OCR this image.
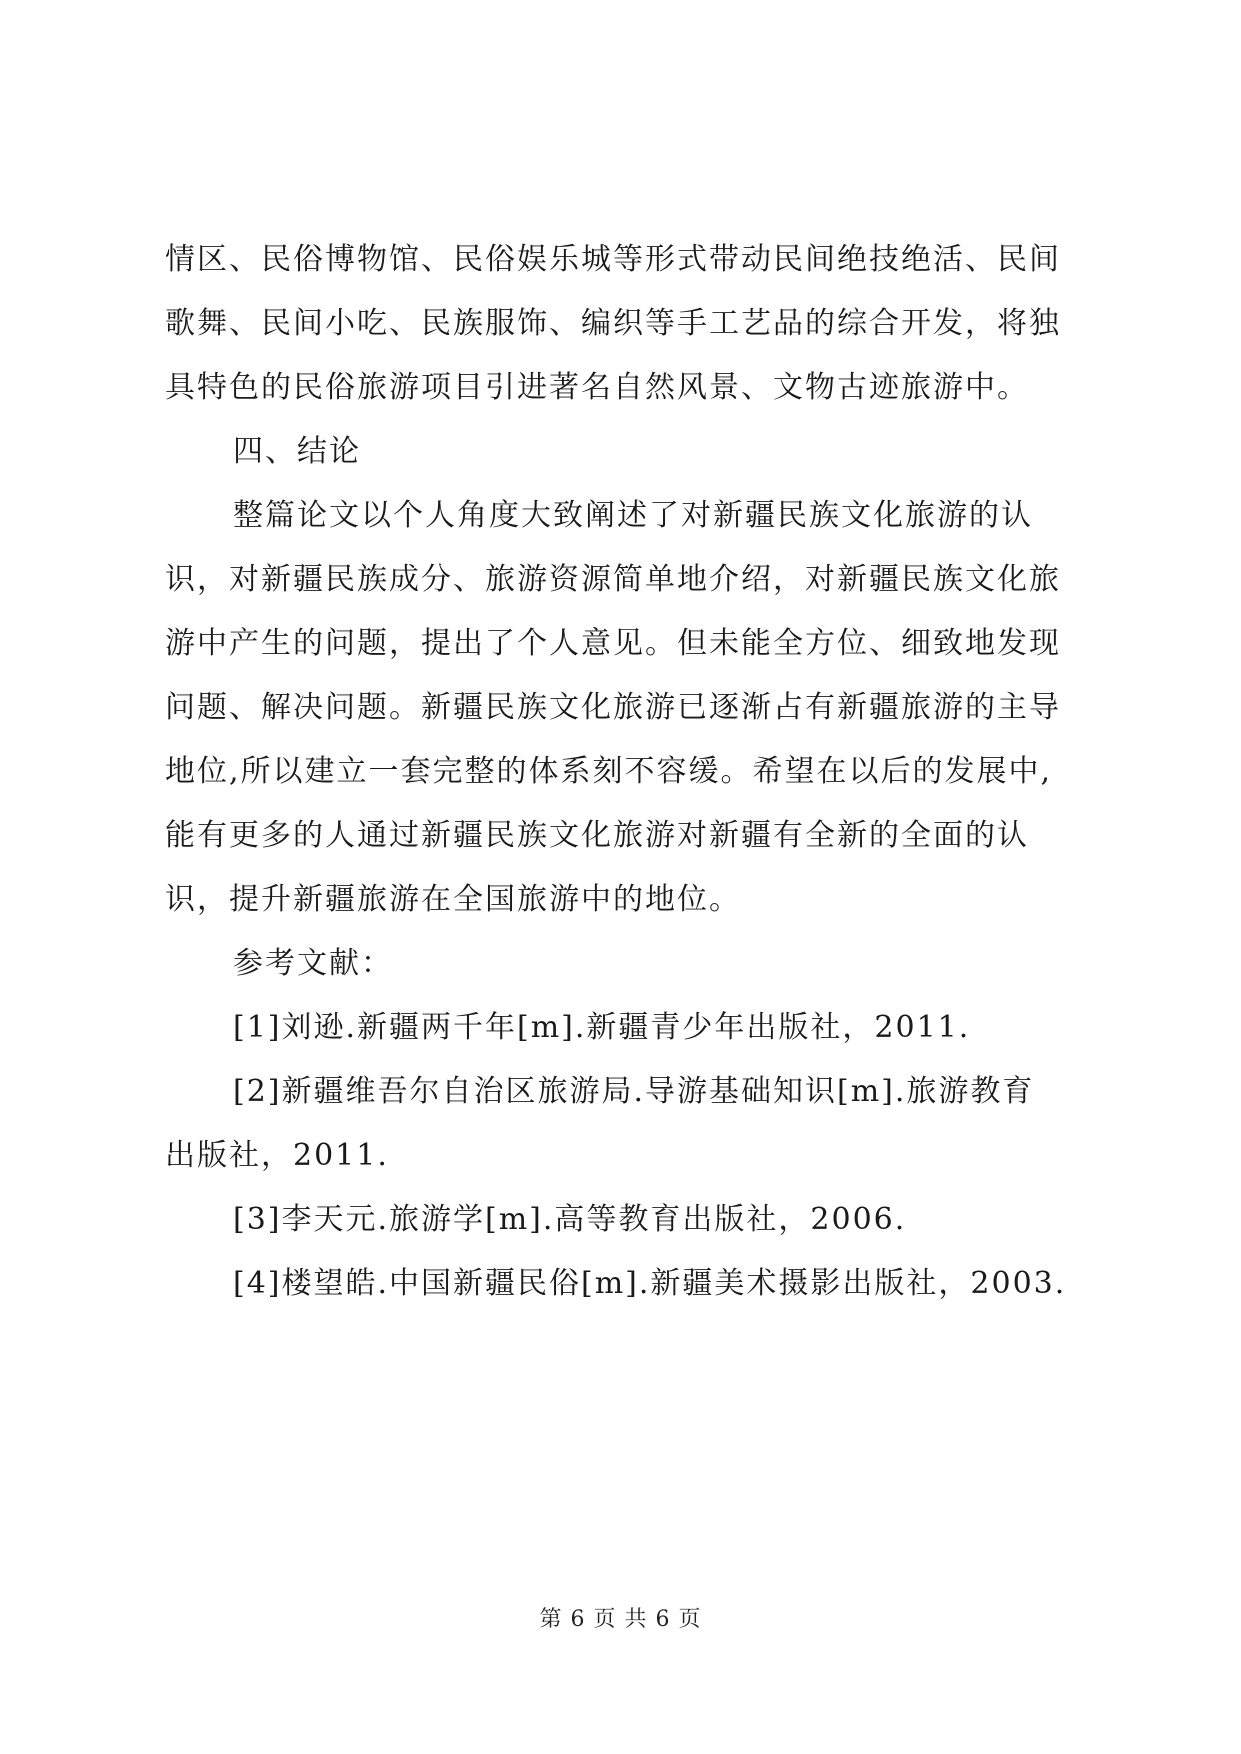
情区、民俗博物馆、民俗娱乐城等形式带动民间绝技绝活、民间
歌舞、民间小吃、民族服饰、编织等手工艺品的综合开发，将独
具特色的民俗旅游项目引进著名自然风景、文物古迹旅游中。

四、结论

整篇论文以个人角度大致阐述了对新疆民族文化旅游的认
识，对新疆民族成分、旅游资源简单地介绍，对新疆民族文化旅
游中产生的问题，提出了个人意见。但未能全方位、细致地发现
问题、解决问题。新疆民族文化旅游已逐渐占有新疆旅游的主导
地位,所以建立一套完整的体系刻不容缓。希望在以后的发展中,
能有更多的人通过新疆民族文化旅游对新疆有全新的全面的认
识，提升新疆旅游在全国旅游中的地位。

参考文献：

[1]刘逊.新疆两千年[m].新疆青少年出版社，2011.

[2]新疆维吾尔自治区旅游局.导游基础知识[m].旅游教育
出版社，2011.

[3]李天元.旅游学[m].高等教育出版社，2006.

[4]楼望皓.中国新疆民俗[m].新疆美术摄影出版社，2003.

第 6 页 共 6 页
